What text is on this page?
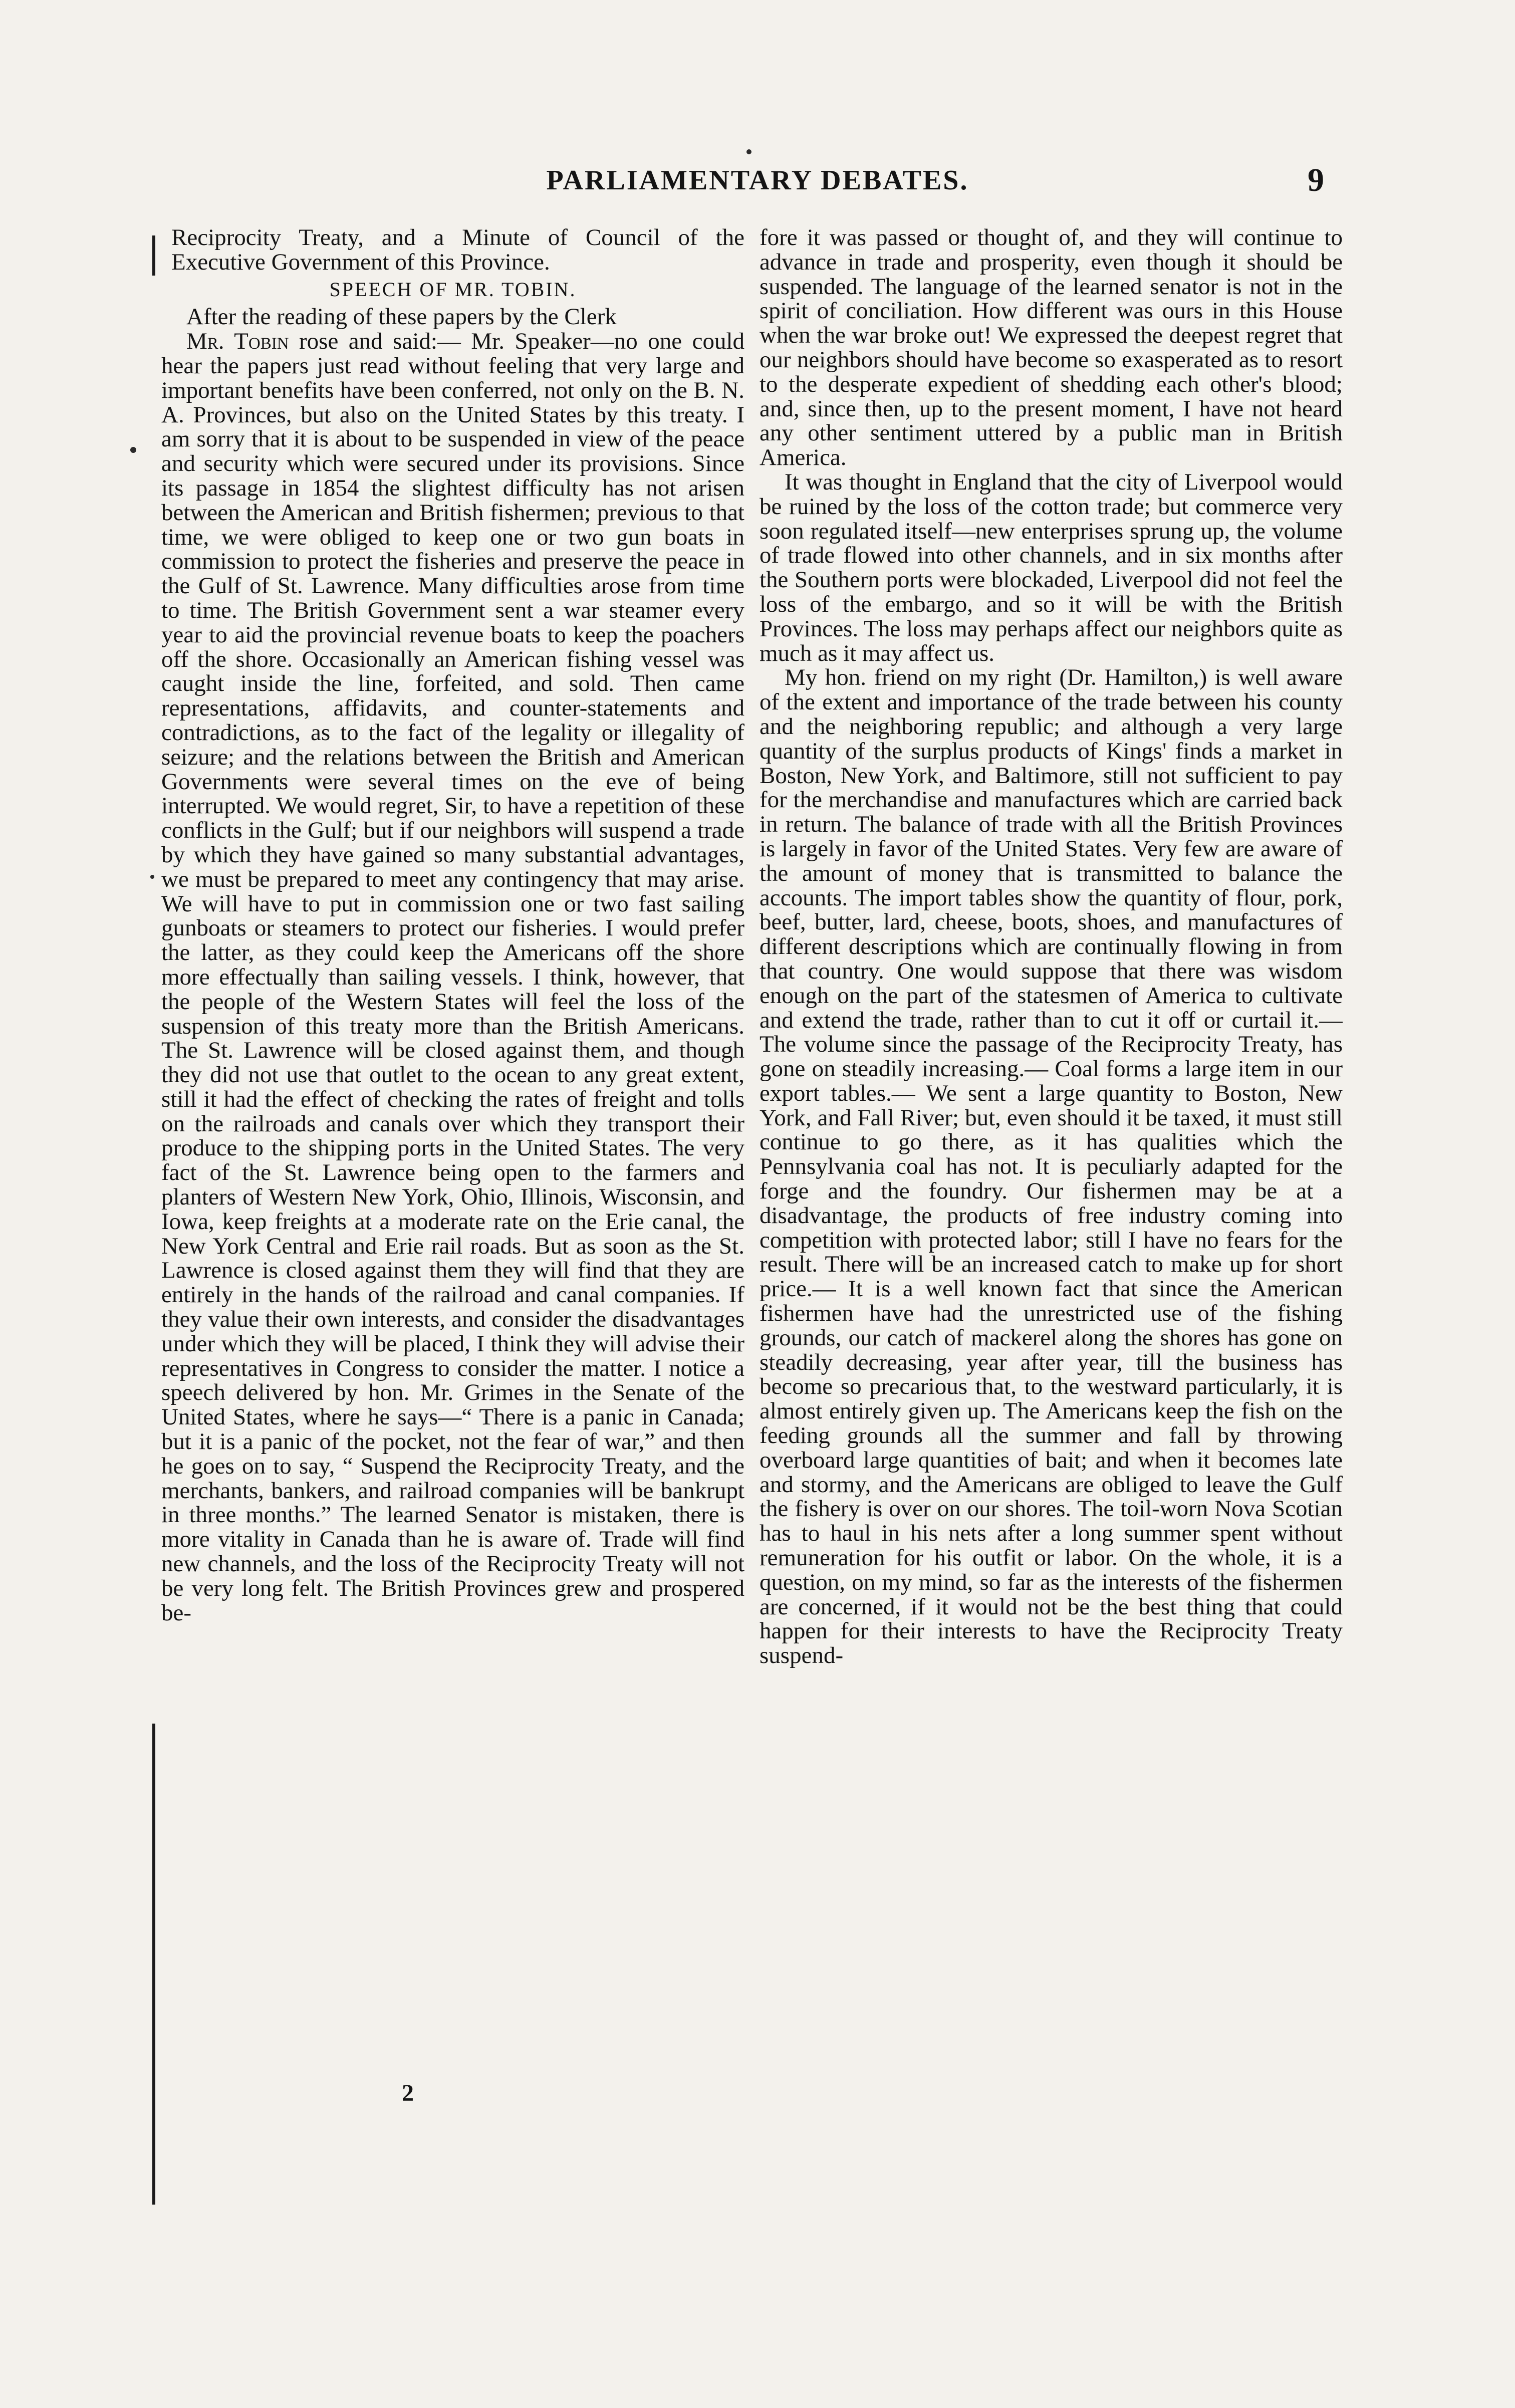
PARLIAMENTARY DEBATES.	9

Reciprocity Treaty, and a Minute of Council of the Executive Government of this Province.

SPEECH OF MR. TOBIN.

After the reading of these papers by the Clerk

Mr. Tobin rose and said:— Mr. Speaker—no one could hear the papers just read without feeling that very large and important benefits have been conferred, not only on the B. N. A. Provinces, but also on the United States by this treaty. I am sorry that it is about to be suspended in view of the peace and security which were secured under its provisions. Since its passage in 1854 the slightest difficulty has not arisen between the American and British fishermen; previous to that time, we were obliged to keep one or two gun boats in commission to protect the fisheries and preserve the peace in the Gulf of St. Lawrence. Many difficulties arose from time to time. The British Government sent a war steamer every year to aid the provincial revenue boats to keep the poachers off the shore. Occasionally an American fishing vessel was caught inside the line, forfeited, and sold. Then came representations, affidavits, and counter-statements and contradictions, as to the fact of the legality or illegality of seizure; and the relations between the British and American Governments were several times on the eve of being interrupted. We would regret, Sir, to have a repetition of these conflicts in the Gulf; but if our neighbors will suspend a trade by which they have gained so many substantial advantages, we must be prepared to meet any contingency that may arise. We will have to put in commission one or two fast sailing gunboats or steamers to protect our fisheries. I would prefer the latter, as they could keep the Americans off the shore more effectually than sailing vessels. I think, however, that the people of the Western States will feel the loss of the suspension of this treaty more than the British Americans. The St. Lawrence will be closed against them, and though they did not use that outlet to the ocean to any great extent, still it had the effect of checking the rates of freight and tolls on the railroads and canals over which they transport their produce to the shipping ports in the United States. The very fact of the St. Lawrence being open to the farmers and planters of Western New York, Ohio, Illinois, Wisconsin, and Iowa, keep freights at a moderate rate on the Erie canal, the New York Central and Erie rail roads. But as soon as the St. Lawrence is closed against them they will find that they are entirely in the hands of the railroad and canal companies. If they value their own interests, and consider the disadvantages under which they will be placed, I think they will advise their representatives in Congress to consider the matter. I notice a speech delivered by hon. Mr. Grimes in the Senate of the United States, where he says—“ There is a panic in Canada; but it is a panic of the pocket, not the fear of war,” and then he goes on to say, “ Suspend the Reciprocity Treaty, and the merchants, bankers, and railroad companies will be bankrupt in three months.” The learned Senator is mistaken, there is more vitality in Canada than he is aware of. Trade will find new channels, and the loss of the Reciprocity Treaty will not be very long felt. The British Provinces grew and prospered be-

fore it was passed or thought of, and they will continue to advance in trade and prosperity, even though it should be suspended. The language of the learned senator is not in the spirit of conciliation. How different was ours in this House when the war broke out! We expressed the deepest regret that our neighbors should have become so exasperated as to resort to the desperate expedient of shedding each other's blood; and, since then, up to the present moment, I have not heard any other sentiment uttered by a public man in British America.

It was thought in England that the city of Liverpool would be ruined by the loss of the cotton trade; but commerce very soon regulated itself—new enterprises sprung up, the volume of trade flowed into other channels, and in six months after the Southern ports were blockaded, Liverpool did not feel the loss of the embargo, and so it will be with the British Provinces. The loss may perhaps affect our neighbors quite as much as it may affect us.

My hon. friend on my right (Dr. Hamilton,) is well aware of the extent and importance of the trade between his county and the neighboring republic; and although a very large quantity of the surplus products of Kings' finds a market in Boston, New York, and Baltimore, still not sufficient to pay for the merchandise and manufactures which are carried back in return. The balance of trade with all the British Provinces is largely in favor of the United States. Very few are aware of the amount of money that is transmitted to balance the accounts. The import tables show the quantity of flour, pork, beef, butter, lard, cheese, boots, shoes, and manufactures of different descriptions which are continually flowing in from that country. One would suppose that there was wisdom enough on the part of the statesmen of America to cultivate and extend the trade, rather than to cut it off or curtail it.— The volume since the passage of the Reciprocity Treaty, has gone on steadily increasing.— Coal forms a large item in our export tables.— We sent a large quantity to Boston, New York, and Fall River; but, even should it be taxed, it must still continue to go there, as it has qualities which the Pennsylvania coal has not. It is peculiarly adapted for the forge and the foundry. Our fishermen may be at a disadvantage, the products of free industry coming into competition with protected labor; still I have no fears for the result. There will be an increased catch to make up for short price.— It is a well known fact that since the American fishermen have had the unrestricted use of the fishing grounds, our catch of mackerel along the shores has gone on steadily decreasing, year after year, till the business has become so precarious that, to the westward particularly, it is almost entirely given up. The Americans keep the fish on the feeding grounds all the summer and fall by throwing overboard large quantities of bait; and when it becomes late and stormy, and the Americans are obliged to leave the Gulf the fishery is over on our shores. The toil-worn Nova Scotian has to haul in his nets after a long summer spent without remuneration for his outfit or labor. On the whole, it is a question, on my mind, so far as the interests of the fishermen are concerned, if it would not be the best thing that could happen for their interests to have the Reciprocity Treaty suspend-

2
